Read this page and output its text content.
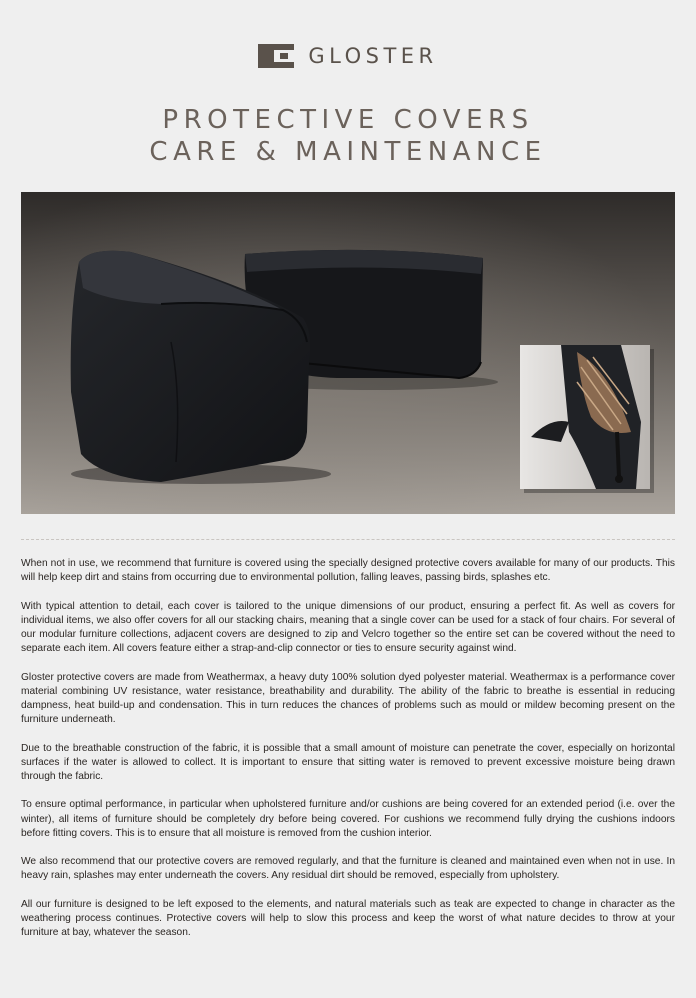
GLOSTER
PROTECTIVE COVERS
CARE & MAINTENANCE

When not in use, we recommend that furniture is covered using the specially designed protective covers available for many of our products. This will help keep dirt and stains from occurring due to environmental pollution, falling leaves, passing birds, splashes etc.

With typical attention to detail, each cover is tailored to the unique dimensions of our product, ensuring a perfect fit. As well as covers for individual items, we also offer covers for all our stacking chairs, meaning that a single cover can be used for a stack of four chairs. For several of our modular furniture collections, adjacent covers are designed to zip and Velcro together so the entire set can be covered without the need to separate each item. All covers feature either a strap-and-clip connector or ties to ensure security against wind.

Gloster protective covers are made from Weathermax, a heavy duty 100% solution dyed polyester material. Weathermax is a performance cover material combining UV resistance, water resistance, breathability and durability. The ability of the fabric to breathe is essential in reducing dampness, heat build-up and condensation. This in turn reduces the chances of problems such as mould or mildew becoming present on the furniture underneath.

Due to the breathable construction of the fabric, it is possible that a small amount of moisture can penetrate the cover, especially on horizontal surfaces if the water is allowed to collect. It is important to ensure that sitting water is removed to prevent excessive moisture being drawn through the fabric.

To ensure optimal performance, in particular when upholstered furniture and/or cushions are being covered for an extended period (i.e. over the winter), all items of furniture should be completely dry before being covered. For cushions we recommend fully drying the cushions indoors before fitting covers. This is to ensure that all moisture is removed from the cushion interior.

We also recommend that our protective covers are removed regularly, and that the furniture is cleaned and maintained even when not in use. In heavy rain, splashes may enter underneath the covers. Any residual dirt should be removed, especially from upholstery.

All our furniture is designed to be left exposed to the elements, and natural materials such as teak are expected to change in character as the weathering process continues. Protective covers will help to slow this process and keep the worst of what nature decides to throw at your furniture at bay, whatever the season.
